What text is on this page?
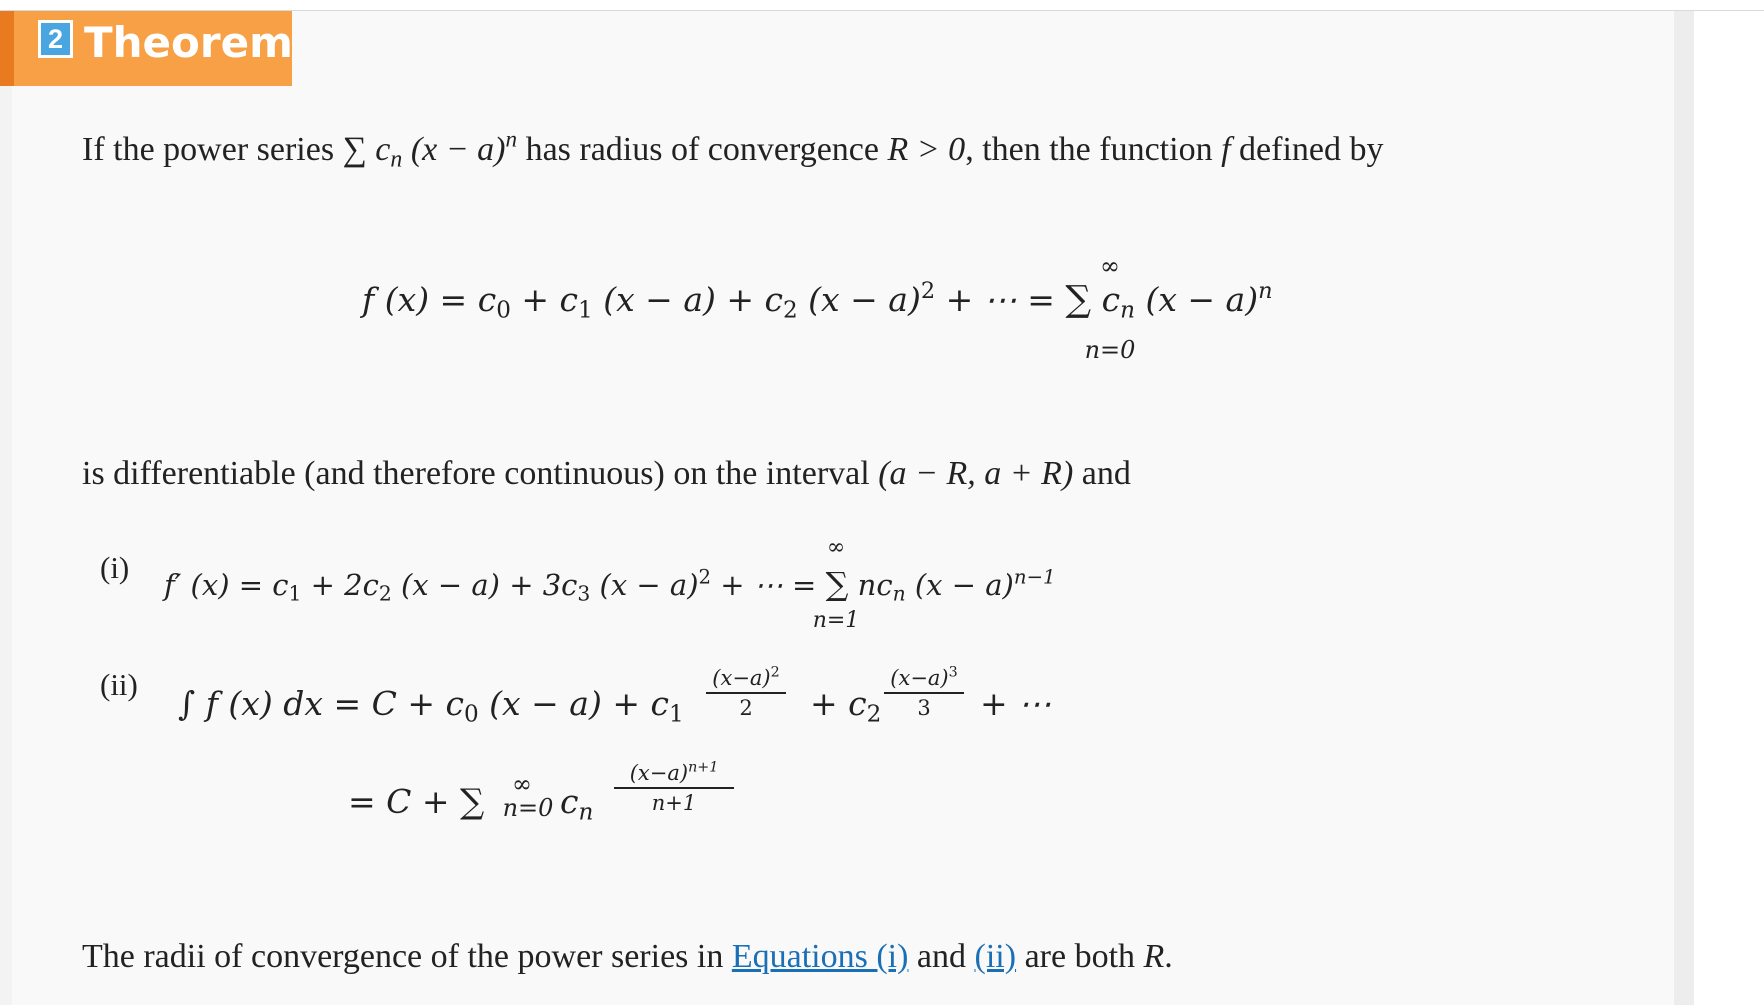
2 Theorem
If the power series ∑ $c_n$ $(x - a)^n$ has radius of convergence R > 0, then the function f defined by
f $(x) = c_0 + c_1$ $(x - a) + c_2$ $(x - a)^2$ + ⋯ = ∑ $c_n$ $(x - a)^n$
∞
n=0
is differentiable (and therefore continuous) on the interval (a − R, a + R) and
(i) f′ $(x) = c_1 + 2c_2$ $(x - a) + 3c_3$ $(x - a)^2$ + ⋯ = ∑ $nc_n$ $(x - a)^{n-1}$
∞
n=1
(ii) ∫ f (x) dx = $C + c_0$ $(x - a) + c_1 \frac{(x-a)^2}{2} + c_2 \frac{(x-a)^3}{3}$ + ⋯
= C + ∑	∞
n=0 $c_n \frac{(x-a)^{n+1}}{n+1}$
The radii of convergence of the power series in Equations (i) and (ii) are both R.
